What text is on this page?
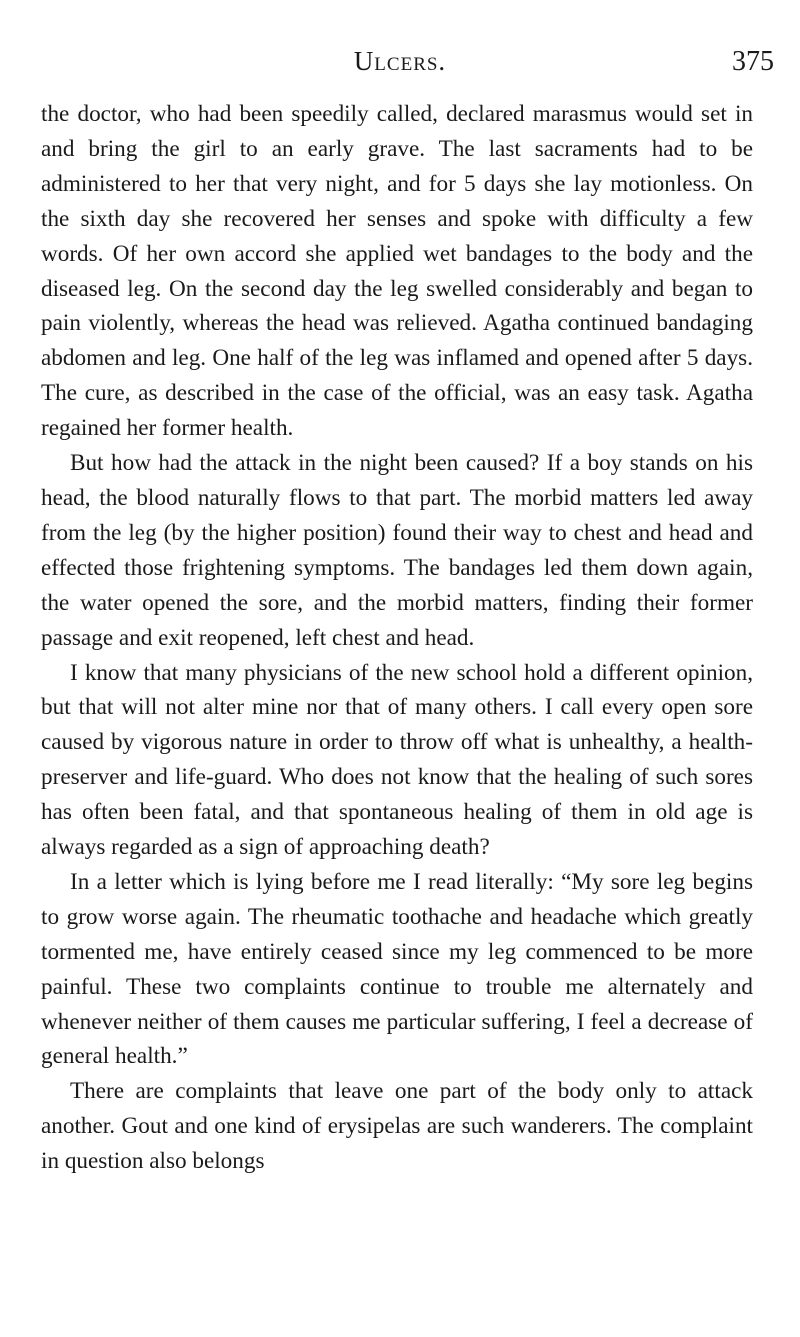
Ulcers.	375

the doctor, who had been speedily called, declared marasmus would set in and bring the girl to an early grave. The last sacraments had to be administered to her that very night, and for 5 days she lay motionless. On the sixth day she recovered her senses and spoke with difficulty a few words. Of her own accord she applied wet bandages to the body and the diseased leg. On the second day the leg swelled considerably and began to pain violently, whereas the head was relieved. Agatha continued bandaging abdomen and leg. One half of the leg was inflamed and opened after 5 days. The cure, as described in the case of the official, was an easy task. Agatha regained her former health.

But how had the attack in the night been caused? If a boy stands on his head, the blood naturally flows to that part. The morbid matters led away from the leg (by the higher position) found their way to chest and head and effected those frightening symptoms. The bandages led them down again, the water opened the sore, and the morbid matters, finding their former passage and exit reopened, left chest and head.

I know that many physicians of the new school hold a different opinion, but that will not alter mine nor that of many others. I call every open sore caused by vigorous nature in order to throw off what is unhealthy, a health-preserver and life-guard. Who does not know that the healing of such sores has often been fatal, and that spontaneous healing of them in old age is always regarded as a sign of approaching death?

In a letter which is lying before me I read literally: “My sore leg begins to grow worse again. The rheumatic toothache and headache which greatly tormented me, have entirely ceased since my leg commenced to be more painful. These two complaints continue to trouble me alternately and whenever neither of them causes me particular suffering, I feel a decrease of general health.”

There are complaints that leave one part of the body only to attack another. Gout and one kind of erysipelas are such wanderers. The complaint in question also belongs
